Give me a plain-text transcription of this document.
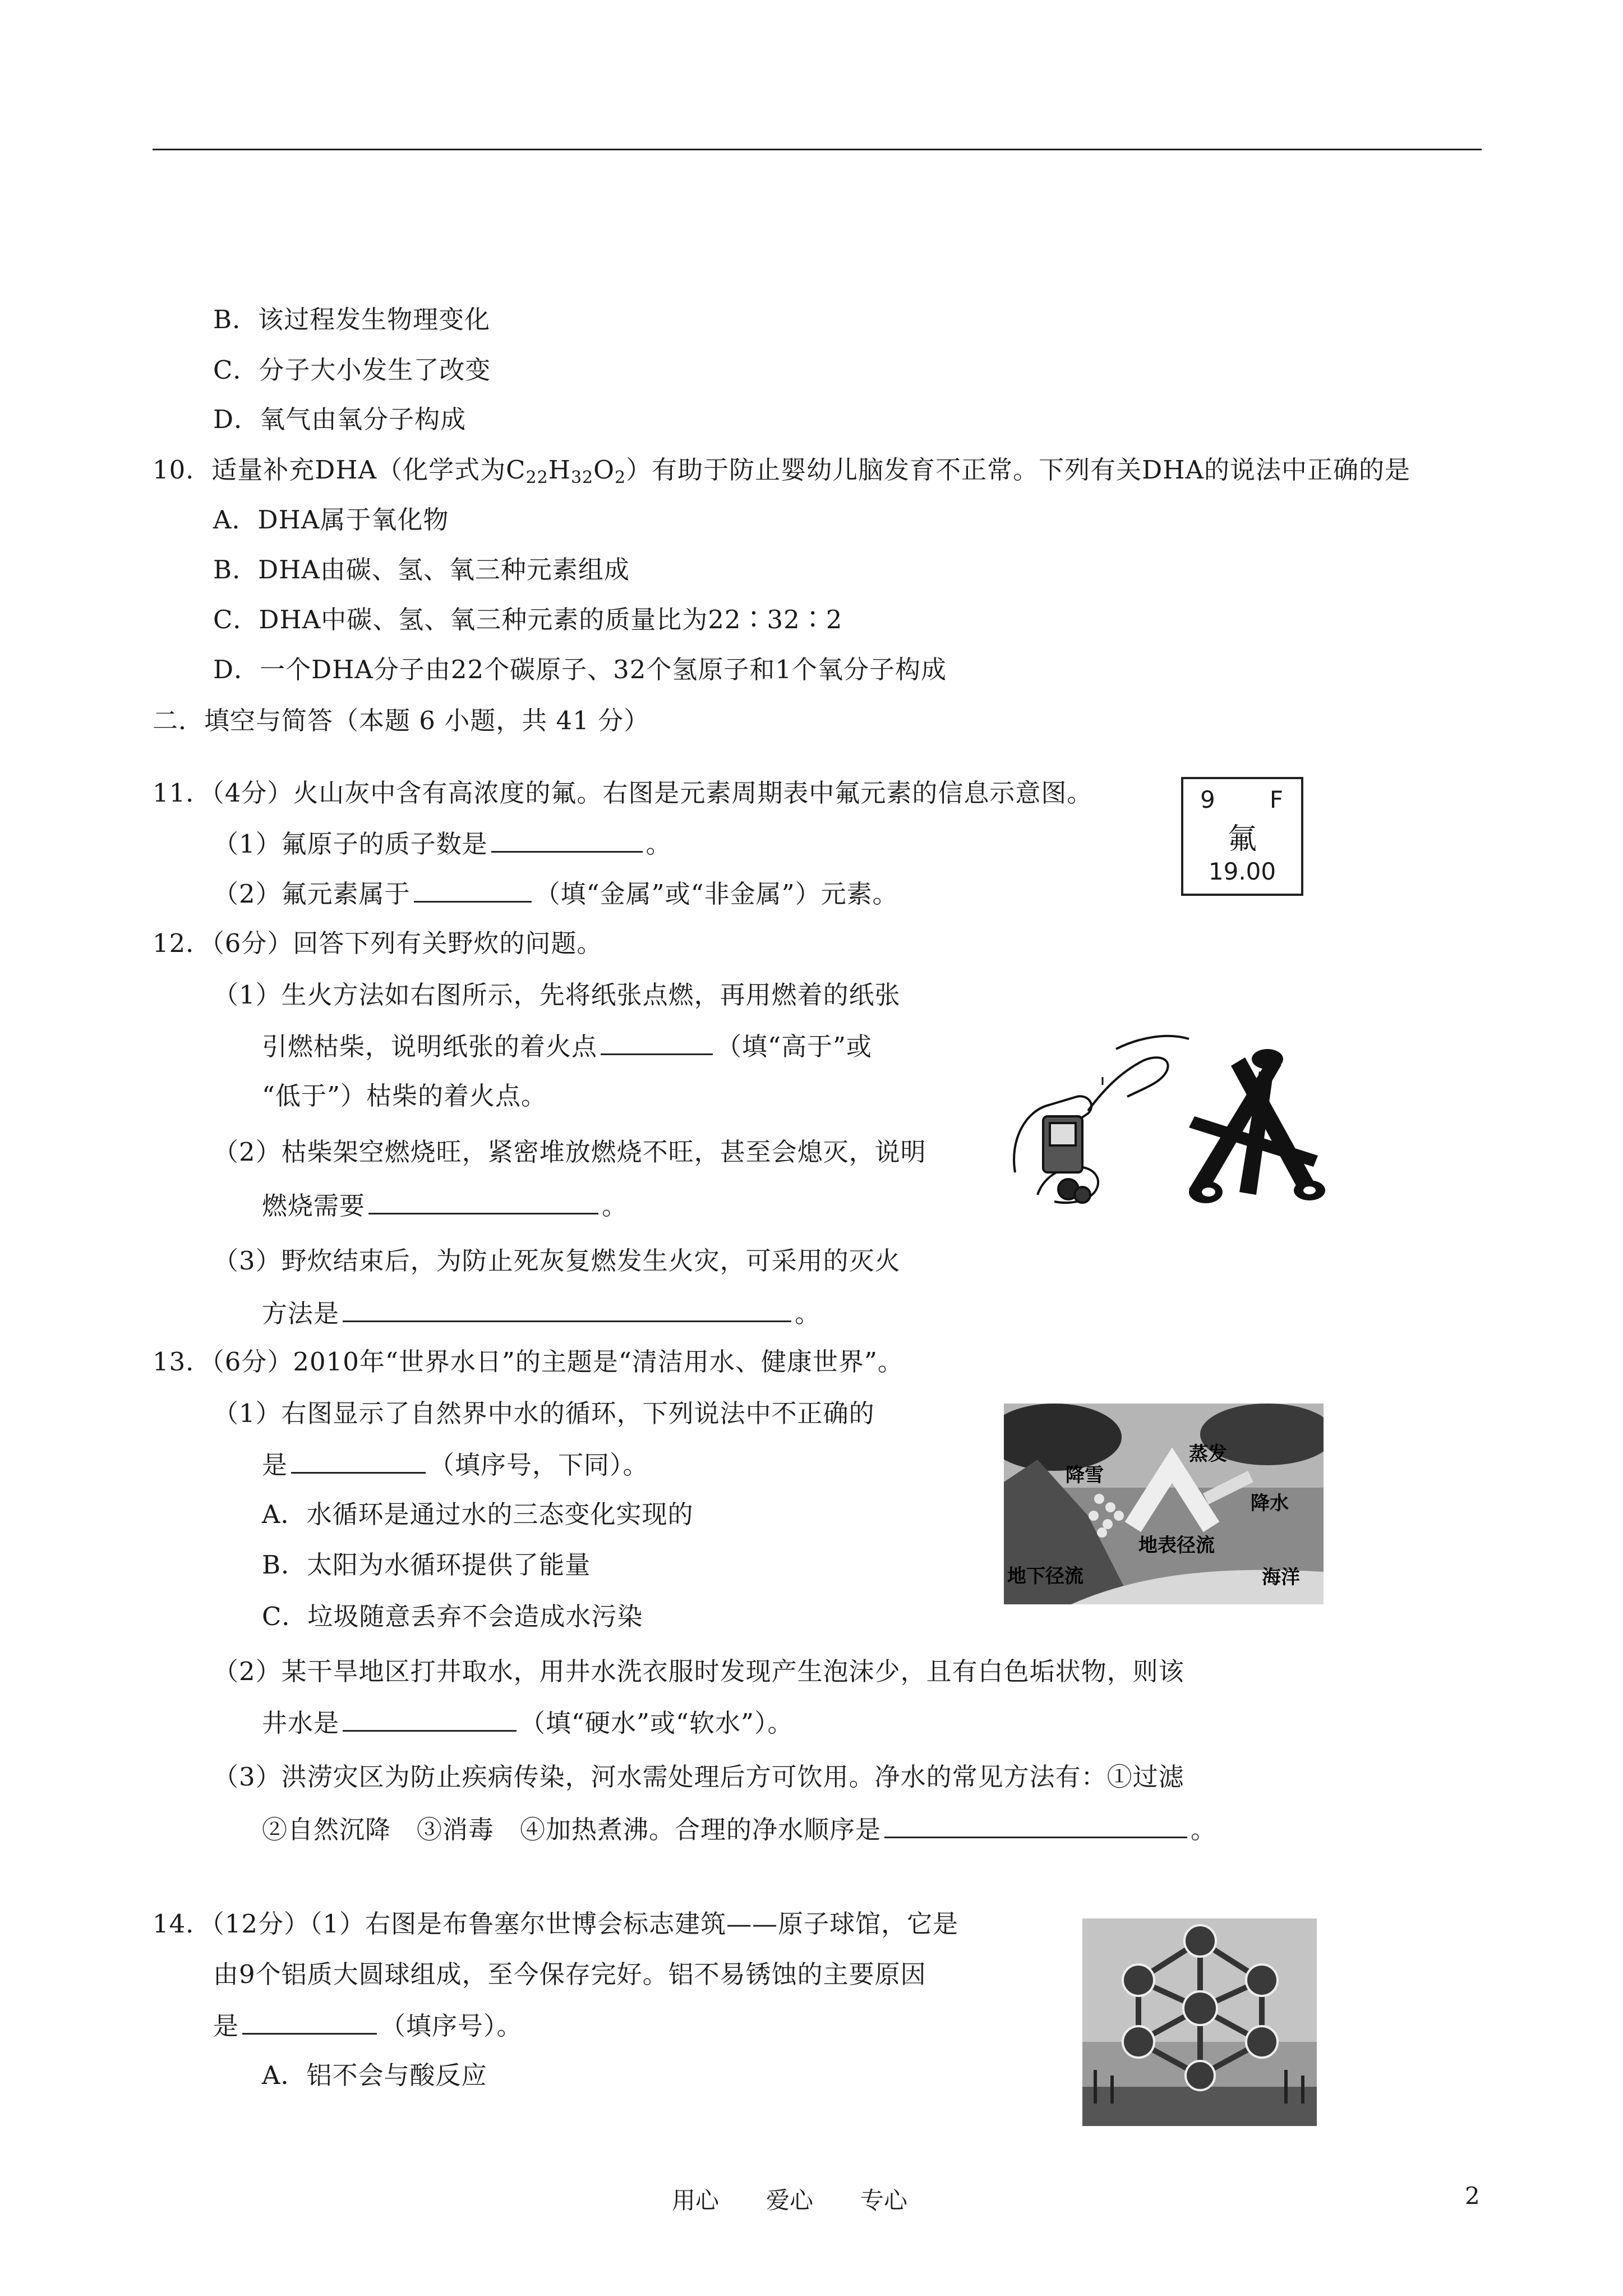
B．该过程发生物理变化
C．分子大小发生了改变
D．氧气由氧分子构成
10．适量补充DHA（化学式为$C_{22}H_{32}O_2$）有助于防止婴幼儿脑发育不正常。下列有关DHA的说法中正确的是
A．DHA属于氧化物
B．DHA由碳、氢、氧三种元素组成
C．DHA中碳、氢、氧三种元素的质量比为22∶32∶2
D．一个DHA分子由22个碳原子、32个氢原子和1个氧分子构成
二．填空与简答（本题 6 小题，共 41 分）
11．（4分）火山灰中含有高浓度的氟。右图是元素周期表中氟元素的信息示意图。
（1）氟原子的质子数是	。
（2）氟元素属于	（填“金属”或“非金属”）元素。
9 F
氟
19.00
12．（6分）回答下列有关野炊的问题。
（1）生火方法如右图所示，先将纸张点燃，再用燃着的纸张
引燃枯柴，说明纸张的着火点	（填“高于”或
“低于”）枯柴的着火点。
（2）枯柴架空燃烧旺，紧密堆放燃烧不旺，甚至会熄灭，说明
燃烧需要	。
（3）野炊结束后，为防止死灰复燃发生火灾，可采用的灭火
方法是	。
13．（6分）2010年“世界水日”的主题是“清洁用水、健康世界”。
（1）右图显示了自然界中水的循环，下列说法中不正确的
是	（填序号，下同）。
A．水循环是通过水的三态变化实现的
B．太阳为水循环提供了能量
C．垃圾随意丢弃不会造成水污染
（2）某干旱地区打井取水，用井水洗衣服时发现产生泡沫少，且有白色垢状物，则该
井水是	（填“硬水”或“软水”）。
（3）洪涝灾区为防止疾病传染，河水需处理后方可饮用。净水的常见方法有：①过滤
②自然沉降　③消毒　④加热煮沸。合理的净水顺序是	。
降雪
蒸发
降水
地表径流
地下径流	海洋
14．（12分）（1）右图是布鲁塞尔世博会标志建筑——原子球馆，它是
由9个铝质大圆球组成，至今保存完好。铝不易锈蚀的主要原因
是	（填序号）。
A．铝不会与酸反应
用心　　爱心　　专心	2
